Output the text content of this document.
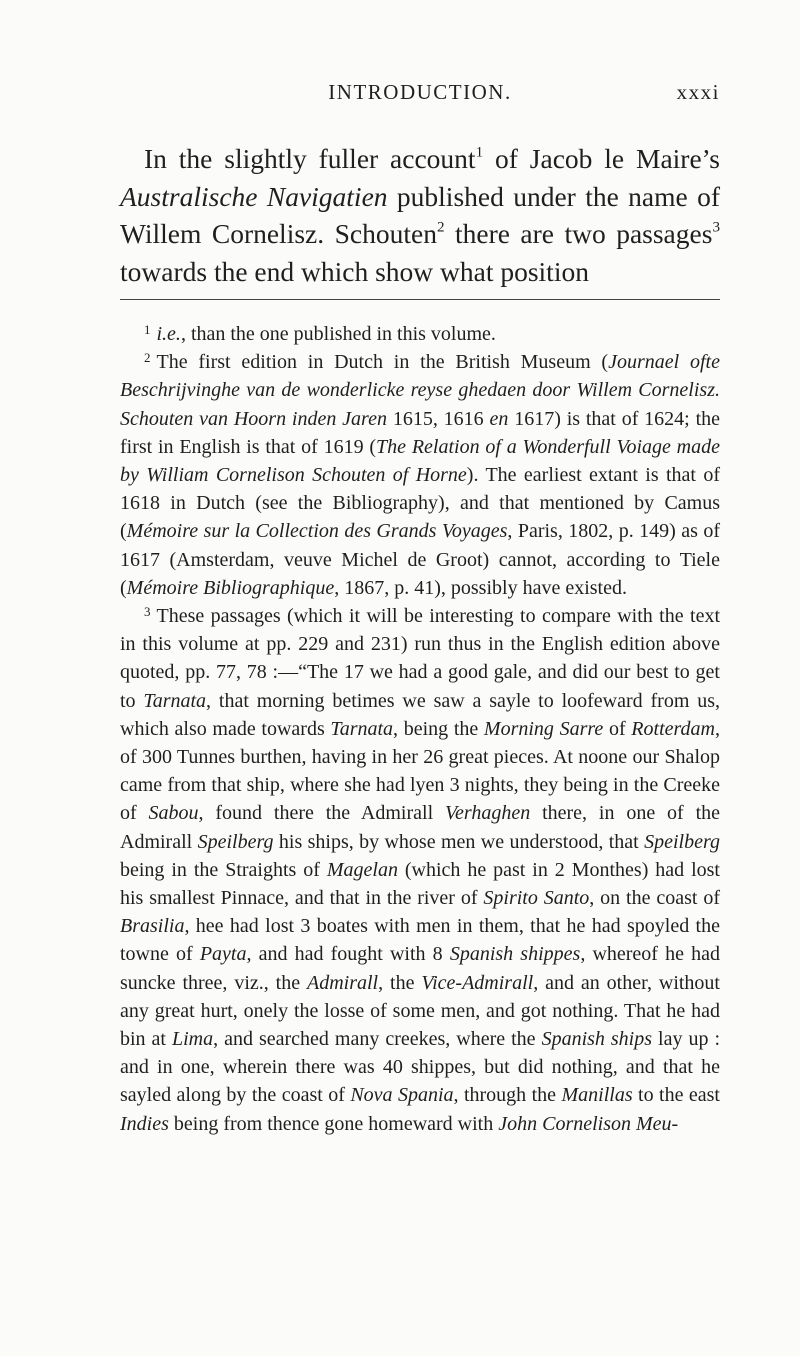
INTRODUCTION.	xxxi

In the slightly fuller account$^1$ of Jacob le Maire’s Australische Navigatien published under the name of Willem Cornelisz. Schouten$^2$ there are two passages$^3$ towards the end which show what position

$^1$ i.e., than the one published in this volume.

$^2$ The first edition in Dutch in the British Museum (Journael ofte Beschrijvinghe van de wonderlicke reyse ghedaen door Willem Cornelisz. Schouten van Hoorn inden Jaren 1615, 1616 en 1617) is that of 1624; the first in English is that of 1619 (The Relation of a Wonderfull Voiage made by William Cornelison Schouten of Horne). The earliest extant is that of 1618 in Dutch (see the Bibliography), and that mentioned by Camus (Mémoire sur la Collection des Grands Voyages, Paris, 1802, p. 149) as of 1617 (Amsterdam, veuve Michel de Groot) cannot, according to Tiele (Mémoire Bibliographique, 1867, p. 41), possibly have existed.

$^3$ These passages (which it will be interesting to compare with the text in this volume at pp. 229 and 231) run thus in the English edition above quoted, pp. 77, 78 :—“The 17 we had a good gale, and did our best to get to Tarnata, that morning betimes we saw a sayle to loofeward from us, which also made towards Tarnata, being the Morning Sarre of Rotterdam, of 300 Tunnes burthen, having in her 26 great pieces. At noone our Shalop came from that ship, where she had lyen 3 nights, they being in the Creeke of Sabou, found there the Admirall Verhaghen there, in one of the Admirall Speilberg his ships, by whose men we understood, that Speilberg being in the Straights of Magelan (which he past in 2 Monthes) had lost his smallest Pinnace, and that in the river of Spirito Santo, on the coast of Brasilia, hee had lost 3 boates with men in them, that he had spoyled the towne of Payta, and had fought with 8 Spanish shippes, whereof he had suncke three, viz., the Admirall, the Vice-Admirall, and an other, without any great hurt, onely the losse of some men, and got nothing. That he had bin at Lima, and searched many creekes, where the Spanish ships lay up : and in one, wherein there was 40 shippes, but did nothing, and that he sayled along by the coast of Nova Spania, through the Manillas to the east Indies being from thence gone homeward with John Cornelison Meu-
